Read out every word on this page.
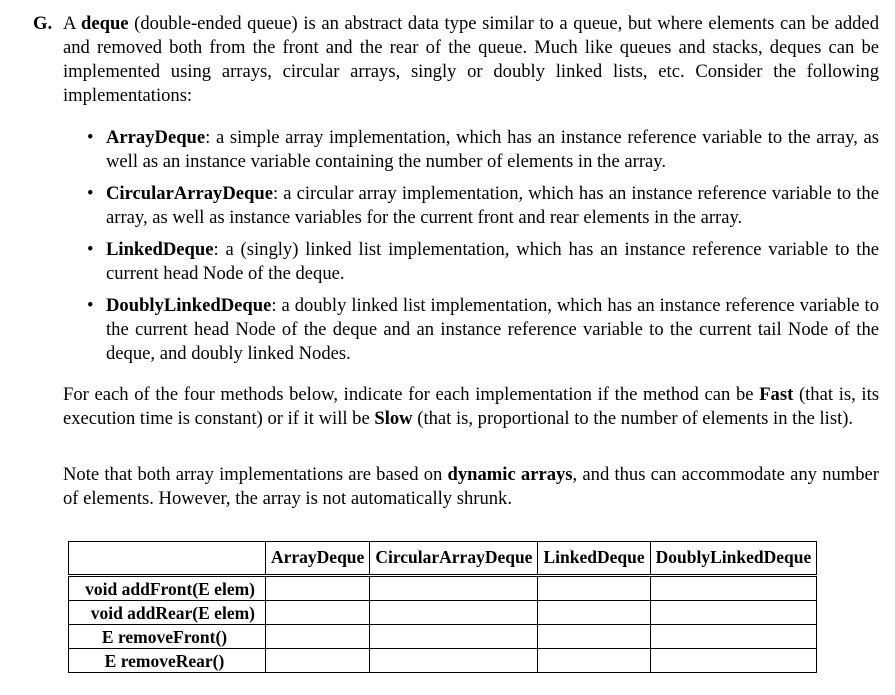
G. A deque (double-ended queue) is an abstract data type similar to a queue, but where elements can be added and removed both from the front and the rear of the queue. Much like queues and stacks, deques can be implemented using arrays, circular arrays, singly or doubly linked lists, etc. Consider the following implementations:

• ArrayDeque: a simple array implementation, which has an instance reference variable to the array, as well as an instance variable containing the number of elements in the array.
• CircularArrayDeque: a circular array implementation, which has an instance reference variable to the array, as well as instance variables for the current front and rear elements in the array.
• LinkedDeque: a (singly) linked list implementation, which has an instance reference variable to the current head Node of the deque.
• DoublyLinkedDeque: a doubly linked list implementation, which has an instance reference variable to the current head Node of the deque and an instance reference variable to the current tail Node of the deque, and doubly linked Nodes.

For each of the four methods below, indicate for each implementation if the method can be Fast (that is, its execution time is constant) or if it will be Slow (that is, proportional to the number of elements in the list).

Note that both array implementations are based on dynamic arrays, and thus can accommodate any number of elements. However, the array is not automatically shrunk.

	ArrayDeque	CircularArrayDeque	LinkedDeque	DoublyLinkedDeque
void addFront(E elem)				
void addRear(E elem)				
E removeFront()				
E removeRear()				
